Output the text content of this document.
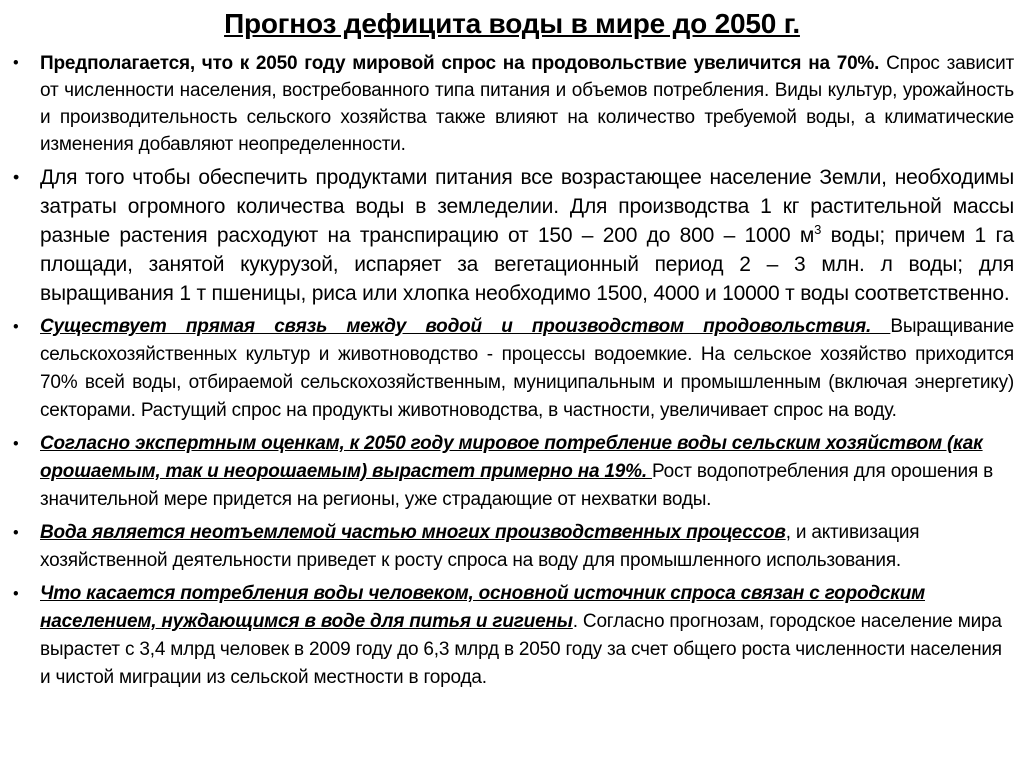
Прогноз дефицита воды в мире до 2050 г.
• Предполагается, что к 2050 году мировой спрос на продовольствие увеличится на 70%. Спрос зависит от численности населения, востребованного типа питания и объемов потребления. Виды культур, урожайность и производительность сельского хозяйства также влияют на количество требуемой воды, а климатические изменения добавляют неопределенности.
• Для того чтобы обеспечить продуктами питания все возрастающее население Земли, необходимы затраты огромного количества воды в земледелии. Для производства 1 кг растительной массы разные растения расходуют на транспирацию от 150 – 200 до 800 – 1000 $м^3$ воды; причем 1 га площади, занятой кукурузой, испаряет за вегетационный период 2 – 3 млн. л воды; для выращивания 1 т пшеницы, риса или хлопка необходимо 1500, 4000 и 10000 т воды соответственно.
• Существует прямая связь между водой и производством продовольствия. Выращивание сельскохозяйственных культур и животноводство - процессы водоемкие. На сельское хозяйство приходится 70% всей воды, отбираемой сельскохозяйственным, муниципальным и промышленным (включая энергетику) секторами. Растущий спрос на продукты животноводства, в частности, увеличивает спрос на воду.
• Согласно экспертным оценкам, к 2050 году мировое потребление воды сельским хозяйством (как орошаемым, так и неорошаемым) вырастет примерно на 19%. Рост водопотребления для орошения в значительной мере придется на регионы, уже страдающие от нехватки воды.
• Вода является неотъемлемой частью многих производственных процессов, и активизация хозяйственной деятельности приведет к росту спроса на воду для промышленного использования.
• Что касается потребления воды человеком, основной источник спроса связан с городским населением, нуждающимся в воде для питья и гигиены. Согласно прогнозам, городское население мира вырастет с 3,4 млрд человек в 2009 году до 6,3 млрд в 2050 году за счет общего роста численности населения и чистой миграции из сельской местности в города.
